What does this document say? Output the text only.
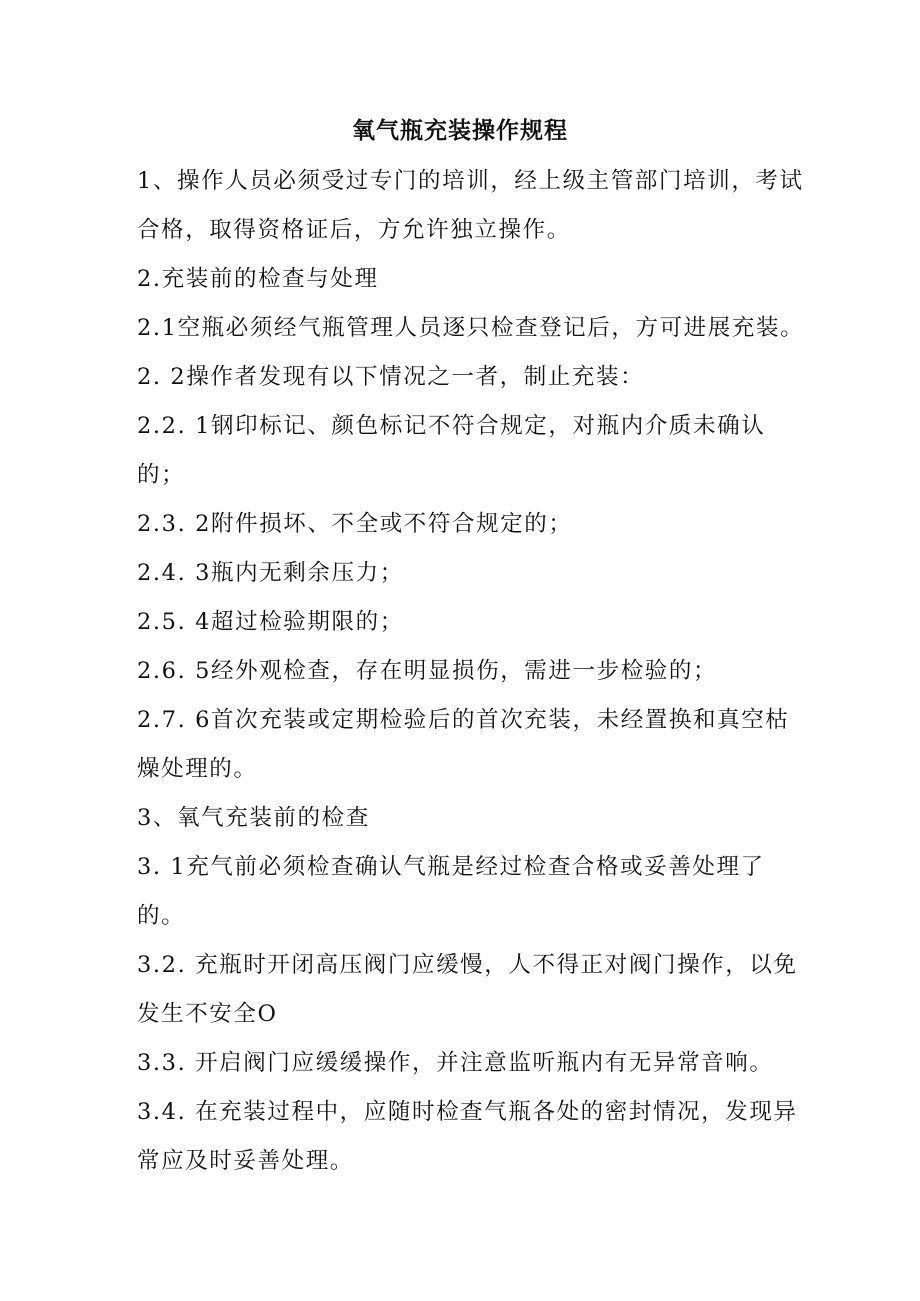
氧气瓶充装操作规程
1、操作人员必须受过专门的培训，经上级主管部门培训，考试
合格，取得资格证后，方允许独立操作。
2.充装前的检查与处理
2.1空瓶必须经气瓶管理人员逐只检查登记后，方可进展充装。
2. 2操作者发现有以下情况之一者，制止充装：
2.2. 1钢印标记、颜色标记不符合规定，对瓶内介质未确认
的；
2.3. 2附件损坏、不全或不符合规定的；
2.4. 3瓶内无剩余压力；
2.5. 4超过检验期限的；
2.6. 5经外观检查，存在明显损伤，需进一步检验的；
2.7. 6首次充装或定期检验后的首次充装，未经置换和真空枯
燥处理的。
3、氧气充装前的检查
3. 1充气前必须检查确认气瓶是经过检查合格或妥善处理了
的。
3.2. 充瓶时开闭高压阀门应缓慢，人不得正对阀门操作，以免
发生不安全O
3.3. 开启阀门应缓缓操作，并注意监听瓶内有无异常音响。
3.4. 在充装过程中，应随时检查气瓶各处的密封情况，发现异
常应及时妥善处理。
